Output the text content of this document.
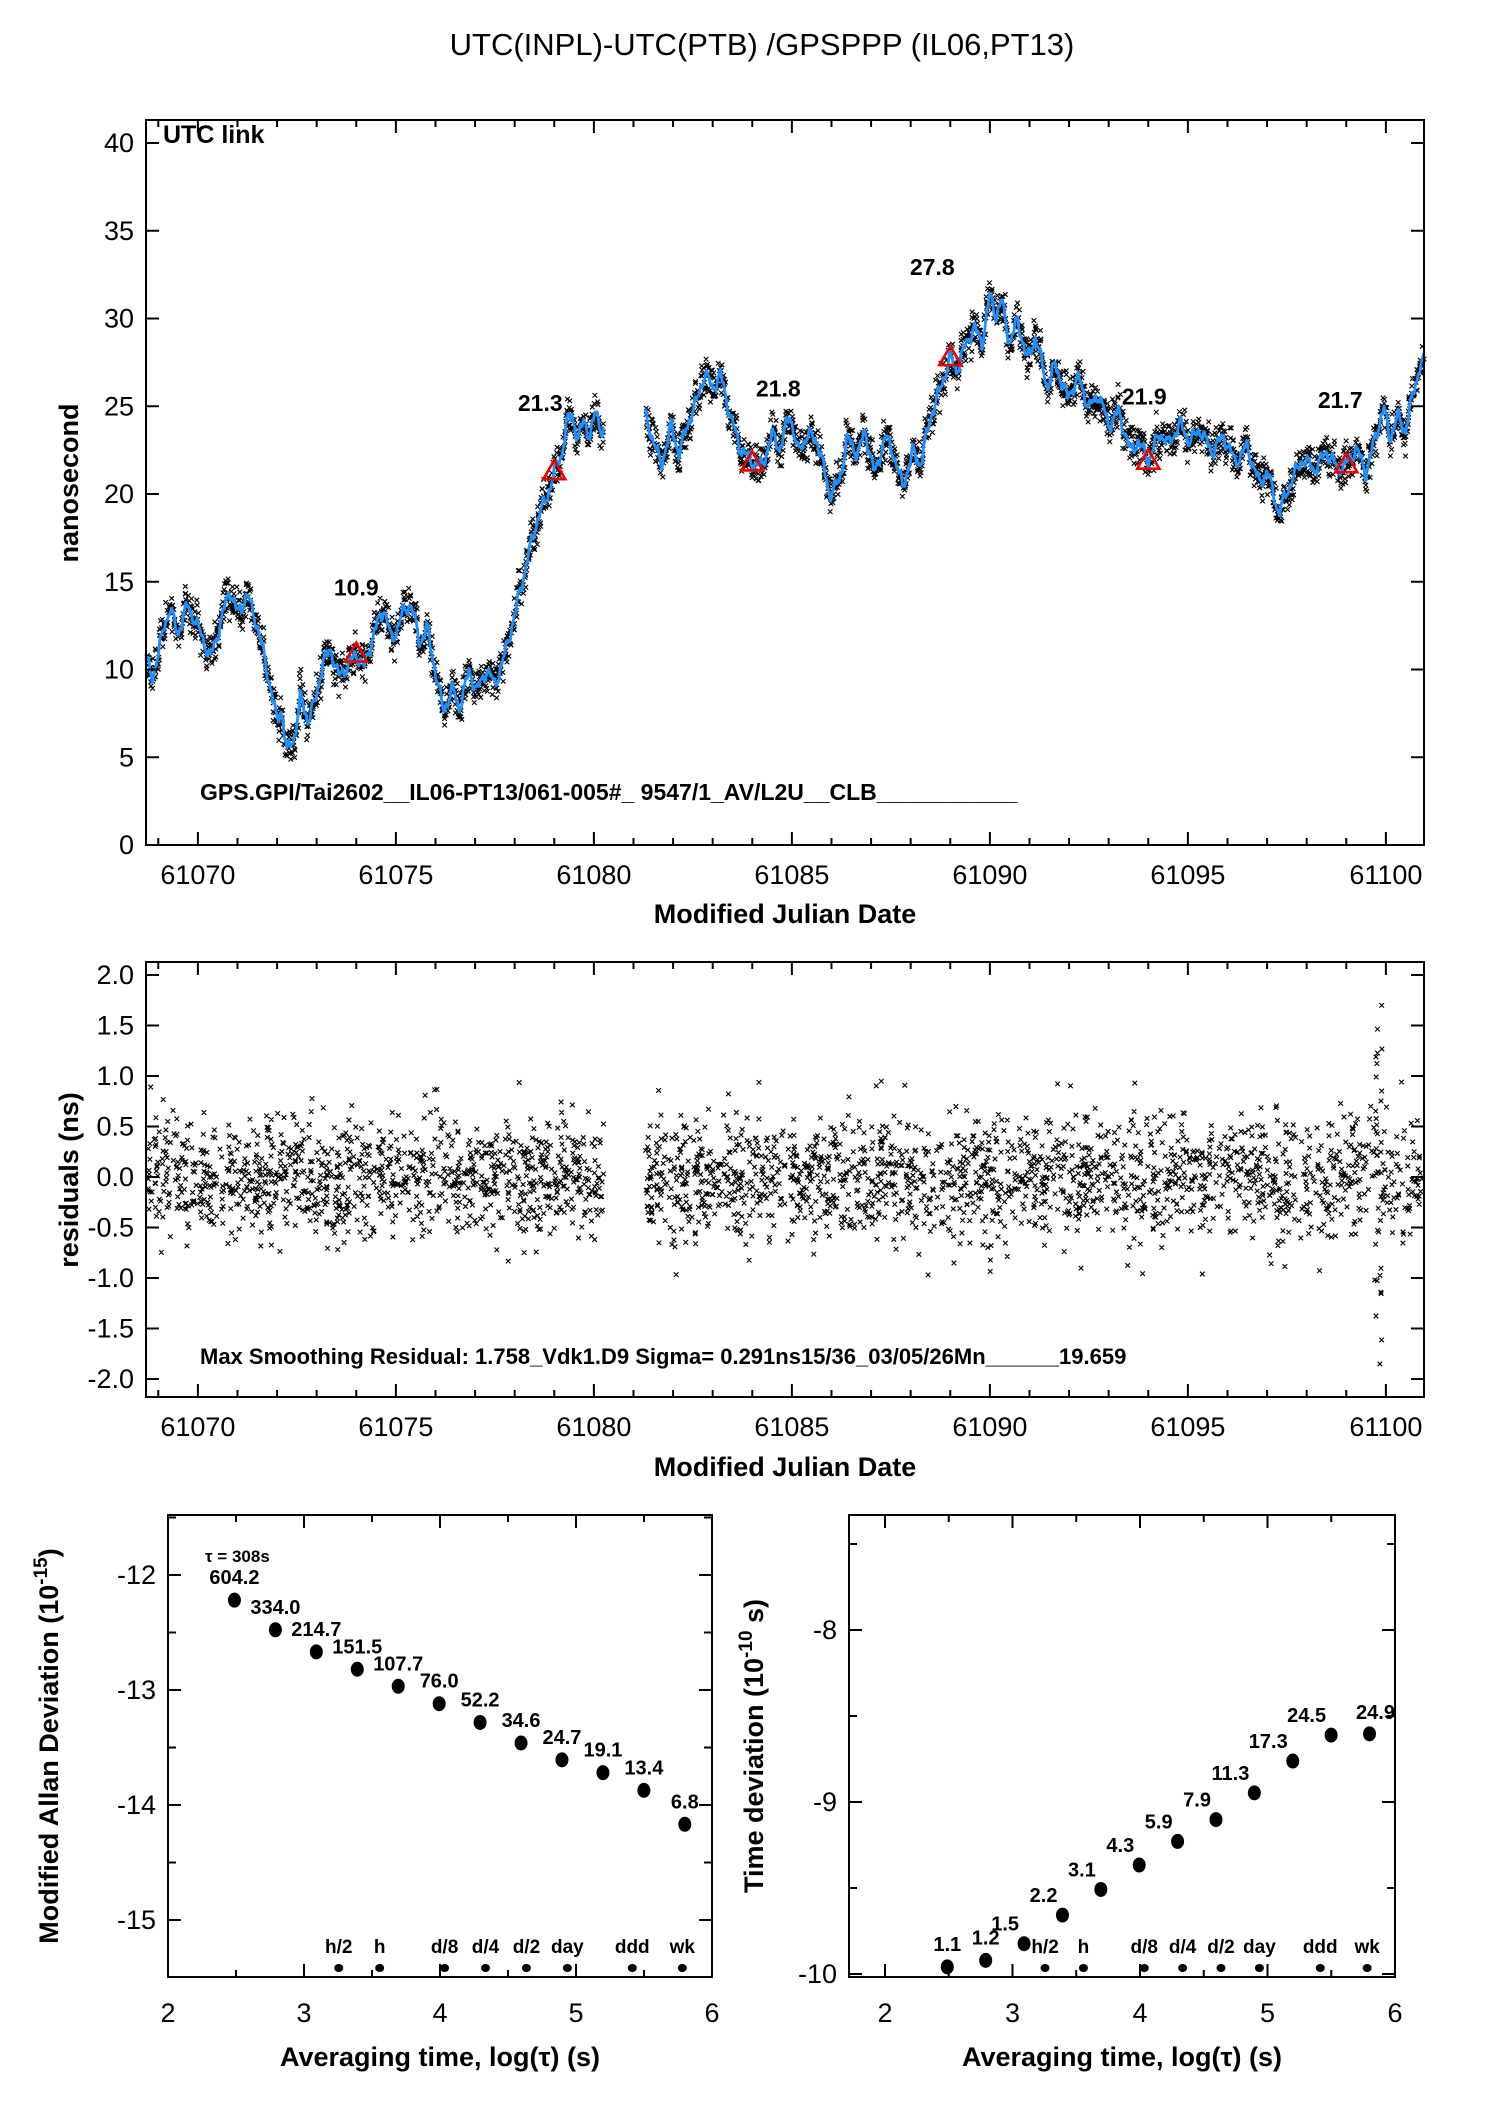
UTC(INPL)-UTC(PTB) /GPSPPP (IL06,PT13)
10.9
21.3
21.8
27.8
21.9	21.7
61070	61075	61080	61085	61090	61095	61100
0
5
10
15
20
25
30
35
40 UTC link
GPS.GPI/Tai2602__IL06-PT13/061-005#_ 9547/1_AV/L2U__CLB___________
Modified Julian Date
nanosecond
61070	61075	61080	61085	61090	61095	61100
2.0
1.5
1.0
0.5
0.0
-0.5
-1.0
-1.5
-2.0
Max Smoothing Residual: 1.758_Vdk1.D9 Sigma= 0.291ns15/36_03/05/26Mn______19.659
Modified Julian Date
residuals (ns)
604.2
334.0
214.7
151.5
107.7
76.0
52.2
34.6
24.7
19.1
13.4
6.8
h/2 h d/8 d/4 d/2 day ddd wk
2	3	4	5	6
-12
-13
-14
-15
Averaging time, log(τ) (s)
τ = 308s
Modified Allan Deviation $(10^{-15})$
1.1 1.2
1.5
2.2
3.1
4.3
5.9
7.9
11.3
17.3
24.5 24.9
h/2 h d/8 d/4 d/2 day ddd wk
2	3	4	5	6
-8
-9
-10
Averaging time, log(τ) (s)
Time deviation ($10^{-10}$ s)
